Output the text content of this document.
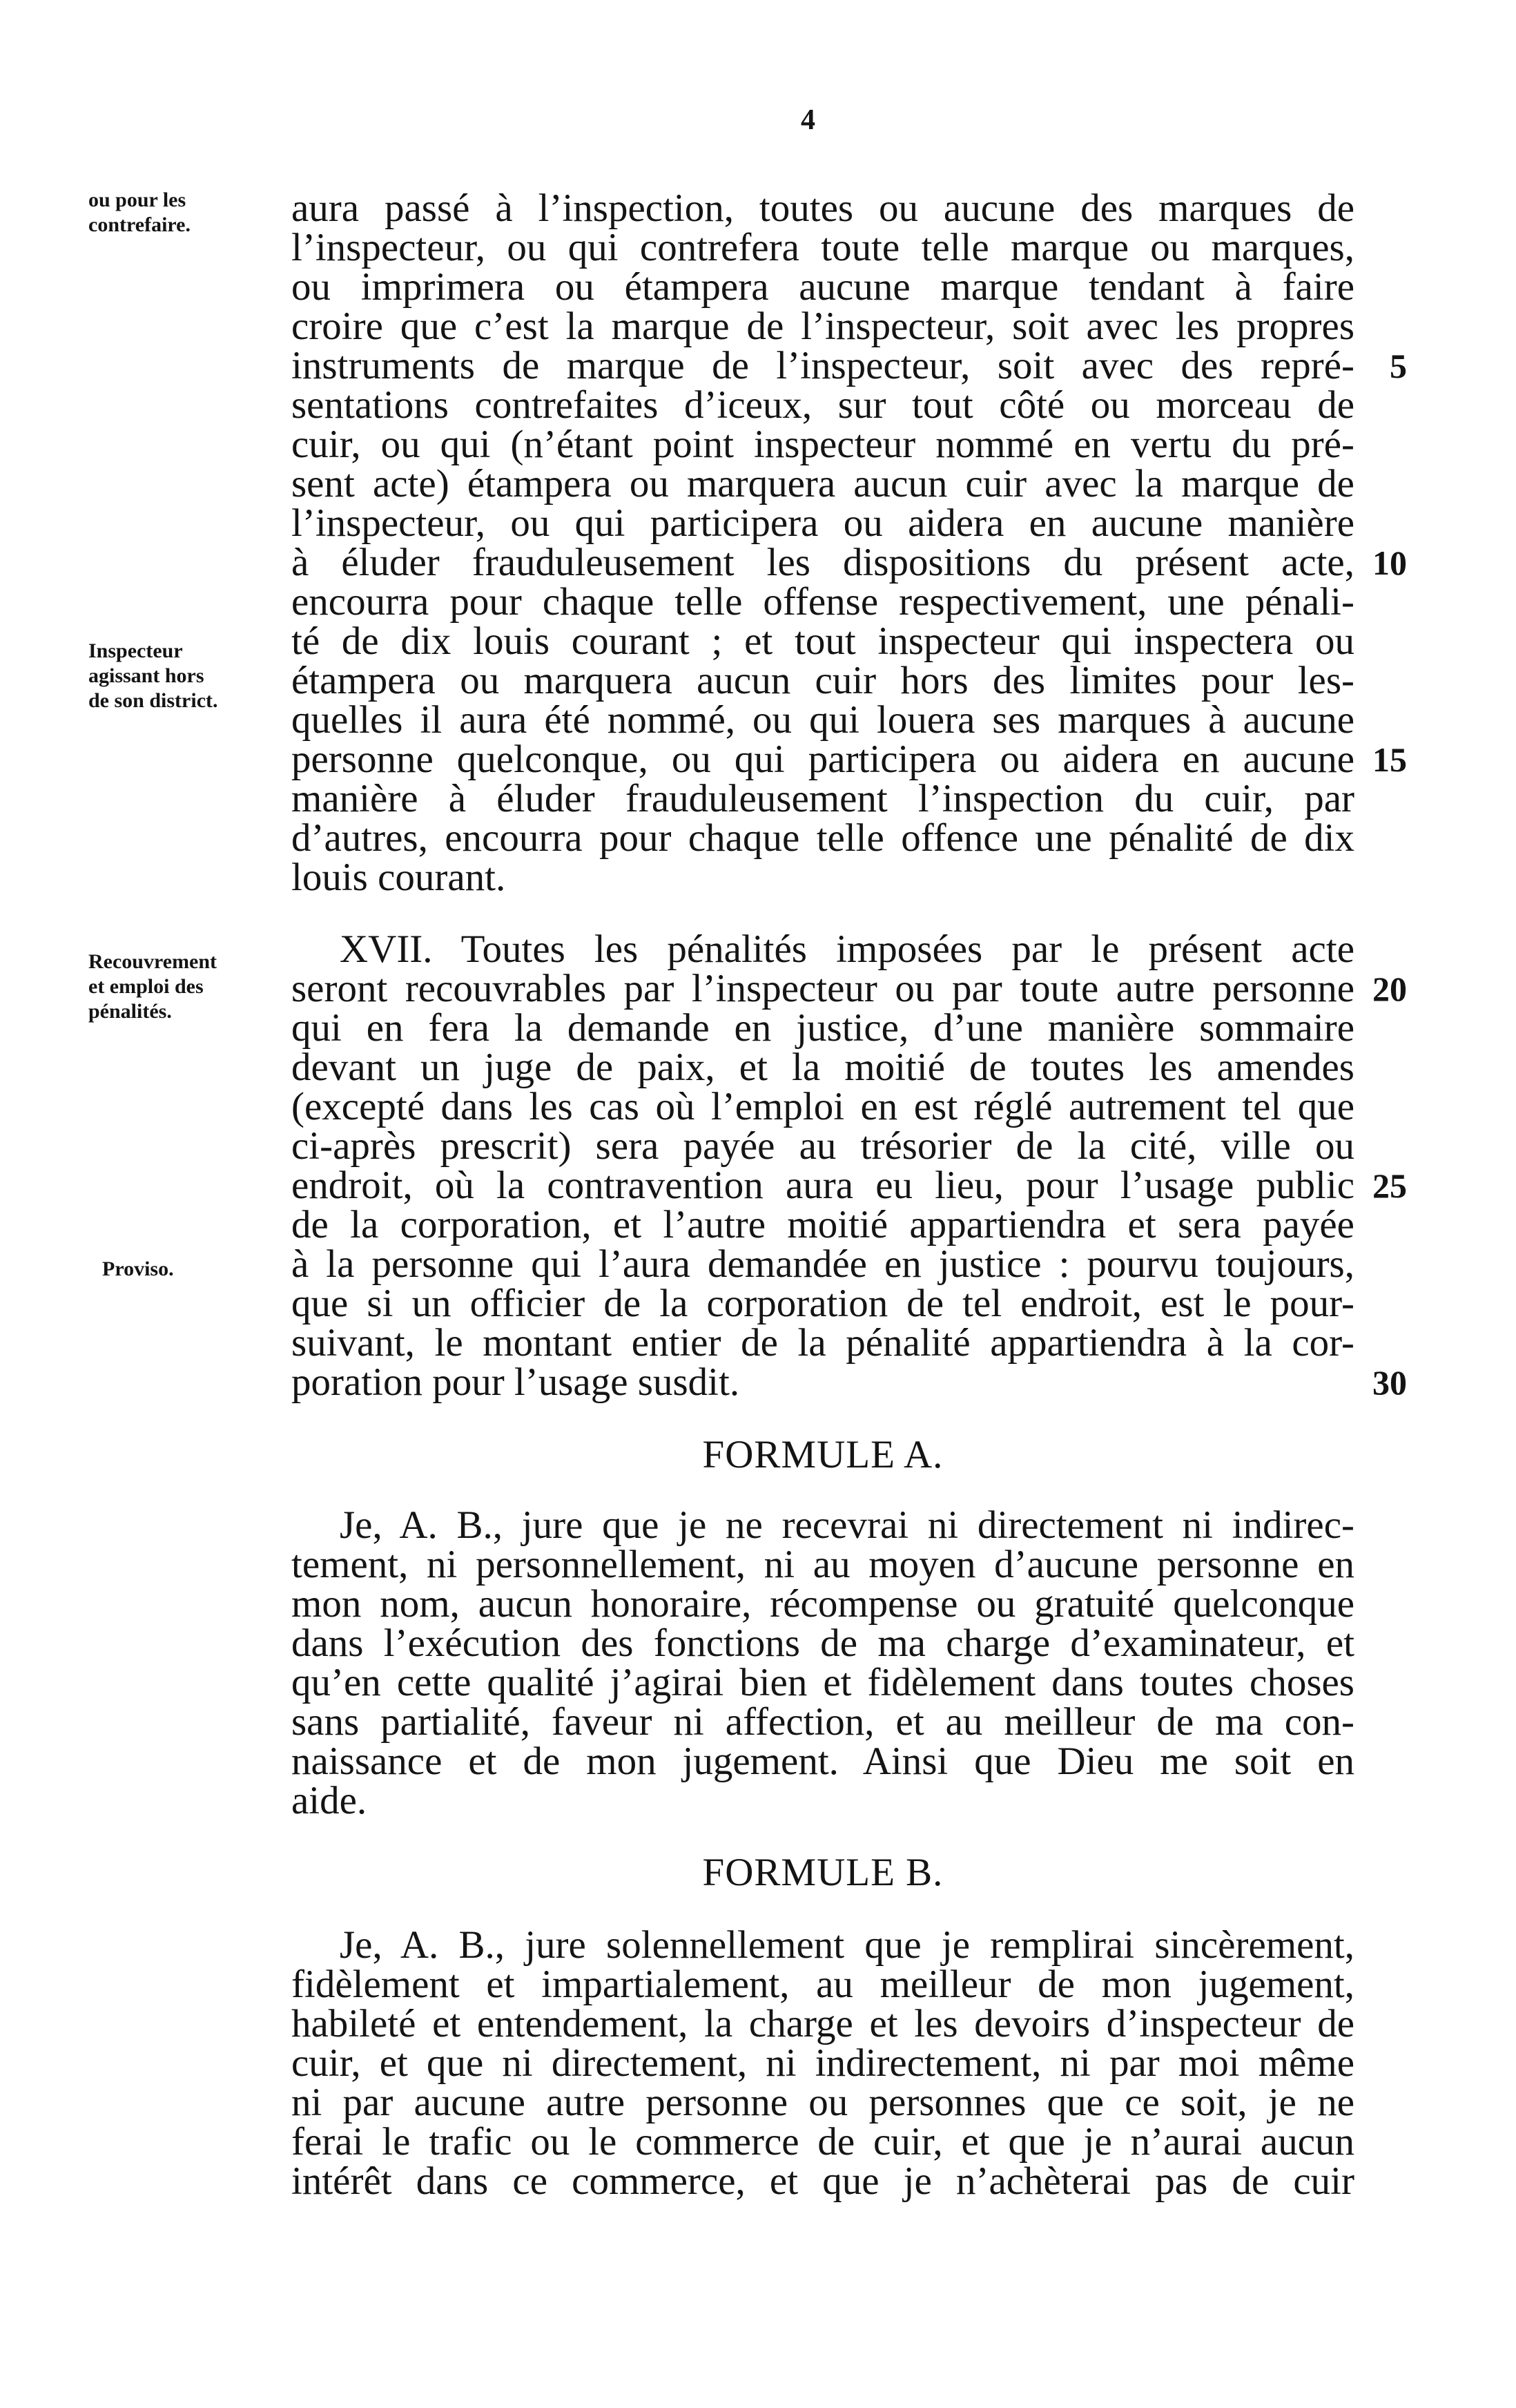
4
ou pour les
contrefaire.
Inspecteur
agissant hors
de son district.
Recouvrement
et emploi des
pénalités.
Proviso.
aura passé à l’inspection, toutes ou aucune des marques de
l’inspecteur, ou qui contrefera toute telle marque ou marques,
ou imprimera ou étampera aucune marque tendant à faire
croire que c’est la marque de l’inspecteur, soit avec les propres
instruments de marque de l’inspecteur, soit avec des repré-
sentations contrefaites d’iceux, sur tout côté ou morceau de
cuir, ou qui (n’étant point inspecteur nommé en vertu du pré-
sent acte) étampera ou marquera aucun cuir avec la marque de
l’inspecteur, ou qui participera ou aidera en aucune manière
à éluder frauduleusement les dispositions du présent acte,
encourra pour chaque telle offense respectivement, une pénali-
té de dix louis courant ; et tout inspecteur qui inspectera ou
étampera ou marquera aucun cuir hors des limites pour les-
quelles il aura été nommé, ou qui louera ses marques à aucune
personne quelconque, ou qui participera ou aidera en aucune
manière à éluder frauduleusement l’inspection du cuir, par
d’autres, encourra pour chaque telle offence une pénalité de dix
louis courant.
XVII. Toutes les pénalités imposées par le présent acte
seront recouvrables par l’inspecteur ou par toute autre personne
qui en fera la demande en justice, d’une manière sommaire
devant un juge de paix, et la moitié de toutes les amendes
(excepté dans les cas où l’emploi en est réglé autrement tel que
ci-après prescrit) sera payée au trésorier de la cité, ville ou
endroit, où la contravention aura eu lieu, pour l’usage public
de la corporation, et l’autre moitié appartiendra et sera payée
à la personne qui l’aura demandée en justice : pourvu toujours,
que si un officier de la corporation de tel endroit, est le pour-
suivant, le montant entier de la pénalité appartiendra à la cor-
poration pour l’usage susdit.
Je, A. B., jure que je ne recevrai ni directement ni indirec-
tement, ni personnellement, ni au moyen d’aucune personne en
mon nom, aucun honoraire, récompense ou gratuité quelconque
dans l’exécution des fonctions de ma charge d’examinateur, et
qu’en cette qualité j’agirai bien et fidèlement dans toutes choses
sans partialité, faveur ni affection, et au meilleur de ma con-
naissance et de mon jugement. Ainsi que Dieu me soit en
aide.
Je, A. B., jure solennellement que je remplirai sincèrement,
fidèlement et impartialement, au meilleur de mon jugement,
habileté et entendement, la charge et les devoirs d’inspecteur de
cuir, et que ni directement, ni indirectement, ni par moi même
ni par aucune autre personne ou personnes que ce soit, je ne
ferai le trafic ou le commerce de cuir, et que je n’aurai aucun
intérêt dans ce commerce, et que je n’achèterai pas de cuir
FORMULE A.
FORMULE B.
5
10
15
20
25
30
